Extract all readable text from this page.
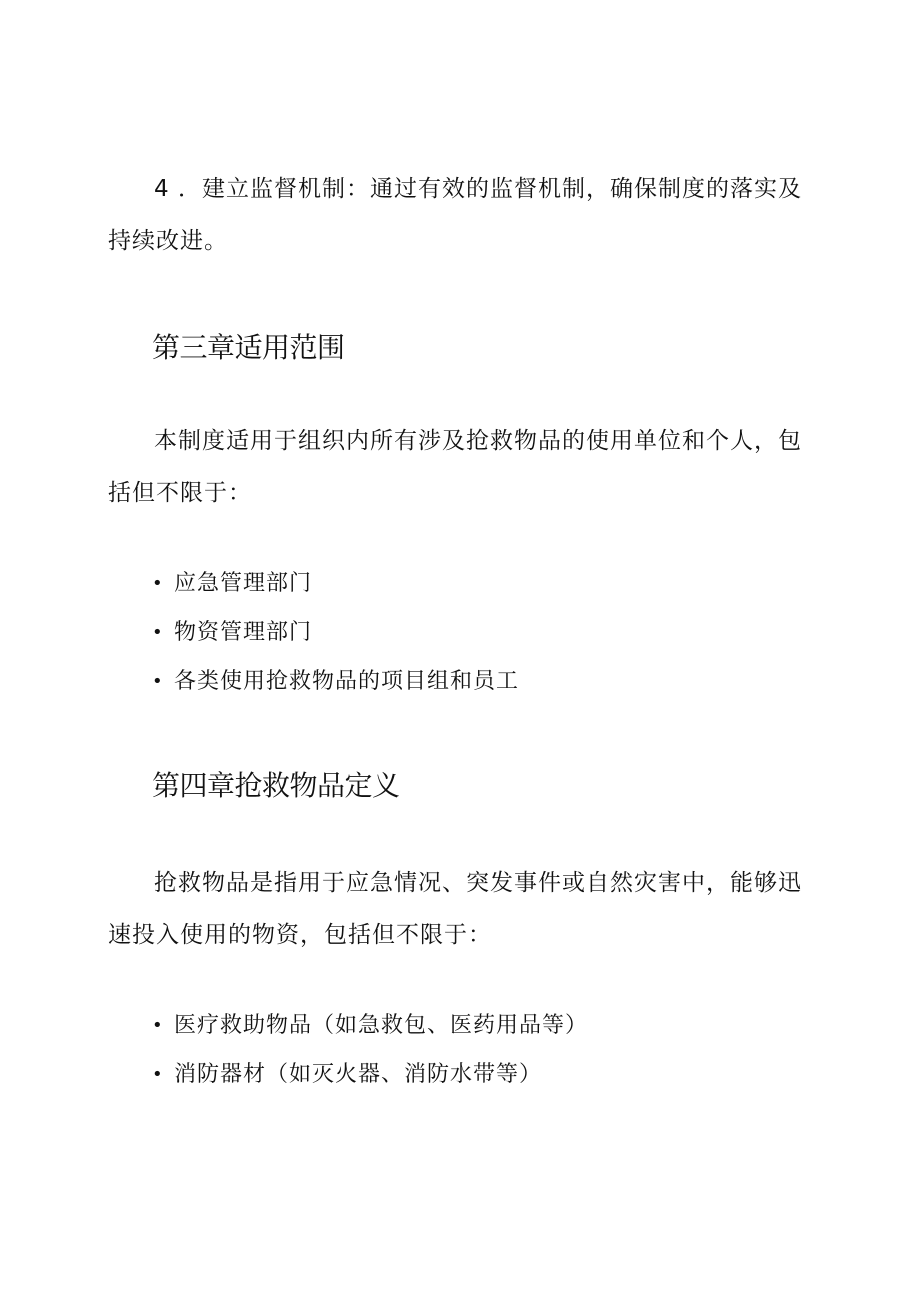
4 ．建立监督机制：通过有效的监督机制，确保制度的落实及持续改进。

第三章适用范围

本制度适用于组织内所有涉及抢救物品的使用单位和个人，包括但不限于：

• 应急管理部门
• 物资管理部门
• 各类使用抢救物品的项目组和员工
第四章抢救物品定义

抢救物品是指用于应急情况、突发事件或自然灾害中，能够迅速投入使用的物资，包括但不限于：

• 医疗救助物品（如急救包、医药用品等）
• 消防器材（如灭火器、消防水带等）
